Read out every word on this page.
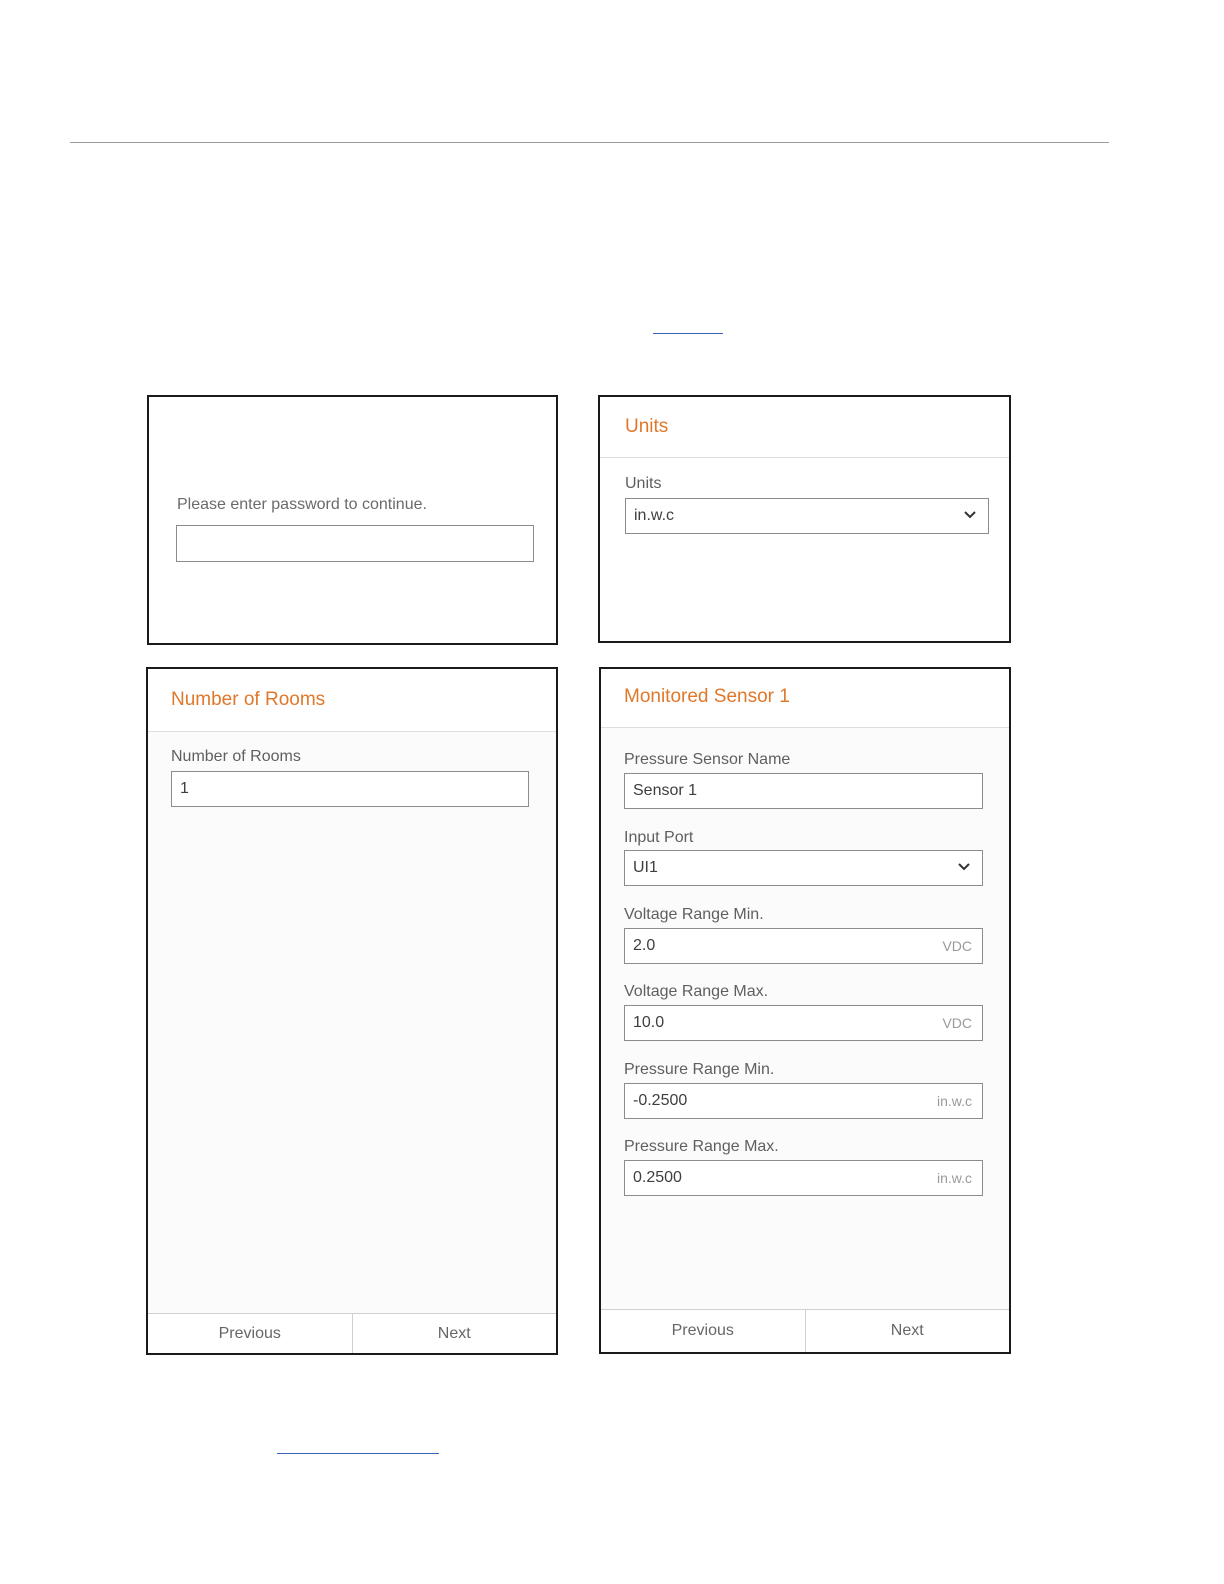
Please enter password to continue.
Units
Units
in.w.c
Number of Rooms
Number of Rooms
1
Previous	Next
Monitored Sensor 1
Pressure Sensor Name
Sensor 1
Input Port
UI1
Voltage Range Min.
2.0	VDC
Voltage Range Max.
10.0	VDC
Pressure Range Min.
-0.2500	in.w.c
Pressure Range Max.
0.2500	in.w.c
Previous	Next
